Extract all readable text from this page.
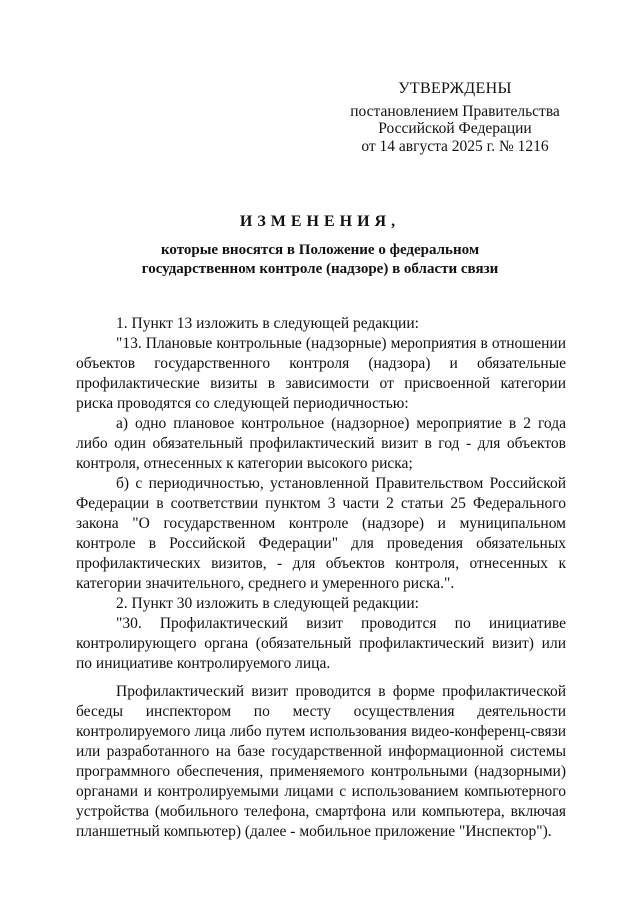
УТВЕРЖДЕНЫ
постановлением Правительства
Российской Федерации
от 14 августа 2025 г. № 1216
ИЗМЕНЕНИЯ,
которые вносятся в Положение о федеральном
государственном контроле (надзоре) в области связи

1. Пункт 13 изложить в следующей редакции:

"13. Плановые контрольные (надзорные) мероприятия в отношении объектов государственного контроля (надзора) и обязательные профилактические визиты в зависимости от присвоенной категории риска проводятся со следующей периодичностью:

а) одно плановое контрольное (надзорное) мероприятие в 2 года либо один обязательный профилактический визит в год - для объектов контроля, отнесенных к категории высокого риска;

б) с периодичностью, установленной Правительством Российской Федерации в соответствии пунктом 3 части 2 статьи 25 Федерального закона "О государственном контроле (надзоре) и муниципальном контроле в Российской Федерации" для проведения обязательных профилактических визитов, - для объектов контроля, отнесенных к категории значительного, среднего и умеренного риска.".

2. Пункт 30 изложить в следующей редакции:

"30. Профилактический визит проводится по инициативе контролирующего органа (обязательный профилактический визит) или по инициативе контролируемого лица.

Профилактический визит проводится в форме профилактической беседы инспектором по месту осуществления деятельности контролируемого лица либо путем использования видео-конференц-связи или разработанного на базе государственной информационной системы программного обеспечения, применяемого контрольными (надзорными) органами и контролируемыми лицами с использованием компьютерного устройства (мобильного телефона, смартфона или компьютера, включая планшетный компьютер) (далее - мобильное приложение "Инспектор").
